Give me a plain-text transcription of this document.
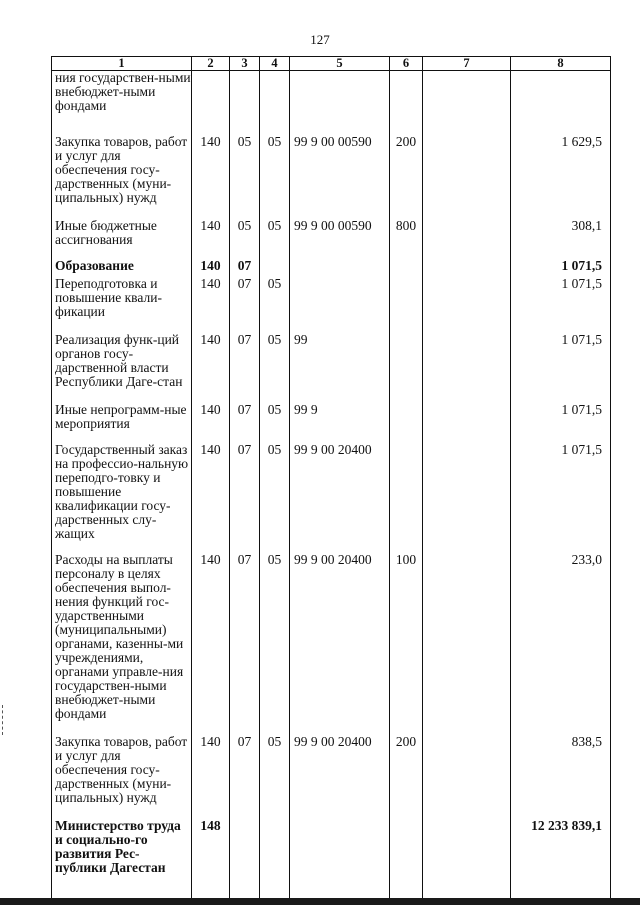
127
1	2	3	4	5	6	7	8
ния государствен-ными внебюджет-ными фондами							
Закупка товаров, работ и услуг для обеспечения госу-дарственных (муни-ципальных) нужд	140	05	05	99 9 00 00590	200		1 629,5
Иные бюджетные ассигнования	140	05	05	99 9 00 00590	800		308,1
Образование	140	07					1 071,5
Переподготовка и повышение квали-фикации	140	07	05				1 071,5
Реализация функ-ций органов госу-дарственной власти Республики Даге-стан	140	07	05	99			1 071,5
Иные непрограмм-ные мероприятия	140	07	05	99 9			1 071,5
Государственный заказ на профессио-нальную переподго-товку и повышение квалификации госу-дарственных слу-жащих	140	07	05	99 9 00 20400			1 071,5
Расходы на выплаты персоналу в целях обеспечения выпол-нения функций гос-ударственными (муниципальными) органами, казенны-ми учреждениями, органами управле-ния государствен-ными внебюджет-ными фондами	140	07	05	99 9 00 20400	100		233,0
Закупка товаров, работ и услуг для обеспечения госу-дарственных (муни-ципальных) нужд	140	07	05	99 9 00 20400	200		838,5
Министерство труда и социально-го развития Рес-публики Дагестан	148						12 233 839,1
